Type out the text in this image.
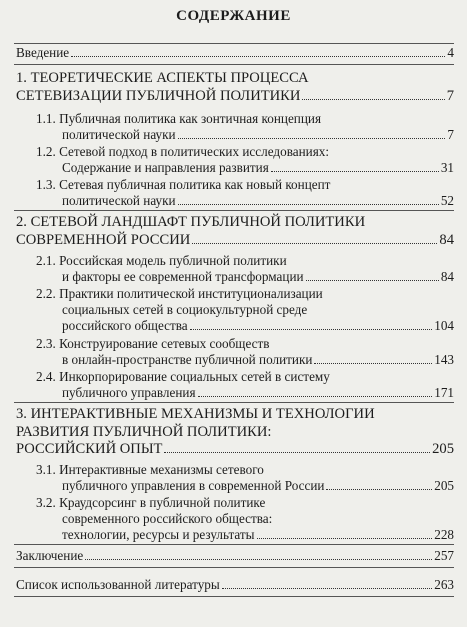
СОДЕРЖАНИЕ
Введение	4
1. ТЕОРЕТИЧЕСКИЕ АСПЕКТЫ ПРОЦЕССА
СЕТЕВИЗАЦИИ ПУБЛИЧНОЙ ПОЛИТИКИ	7
1.1. Публичная политика как зонтичная концепция
политической науки	7
1.2. Сетевой подход в политических исследованиях:
Содержание и направления развития	31
1.3. Сетевая публичная политика как новый концепт
политической науки	52
2. СЕТЕВОЙ ЛАНДШАФТ ПУБЛИЧНОЙ ПОЛИТИКИ
СОВРЕМЕННОЙ РОССИИ	84
2.1. Российская модель публичной политики
и факторы ее современной трансформации	84
2.2. Практики политической институционализации
социальных сетей в социокультурной среде
российского общества	104
2.3. Конструирование сетевых сообществ
в онлайн-пространстве публичной политики	143
2.4. Инкорпорирование социальных сетей в систему
публичного управления	171
3. ИНТЕРАКТИВНЫЕ МЕХАНИЗМЫ И ТЕХНОЛОГИИ
РАЗВИТИЯ ПУБЛИЧНОЙ ПОЛИТИКИ:
РОССИЙСКИЙ ОПЫТ	205
3.1. Интерактивные механизмы сетевого
публичного управления в современной России	205
3.2. Краудсорсинг в публичной политике
современного российского общества:
технологии, ресурсы и результаты	228
Заключение	257
Список использованной литературы	263
